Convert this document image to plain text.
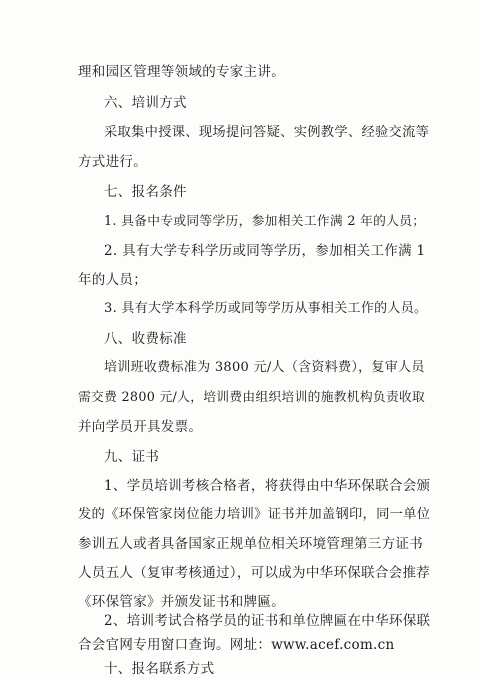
理和园区管理等领域的专家主讲。
六、培训方式
采取集中授课、现场提问答疑、实例教学、经验交流等
方式进行。
七、报名条件
1. 具备中专或同等学历，参加相关工作满 2 年的人员；
2. 具有大学专科学历或同等学历，参加相关工作满 1
年的人员；
3. 具有大学本科学历或同等学历从事相关工作的人员。
八、收费标准
培训班收费标准为 3800 元/人（含资料费），复审人员
需交费 2800 元/人，培训费由组织培训的施教机构负责收取
并向学员开具发票。
九、证书
1、学员培训考核合格者，将获得由中华环保联合会颁
发的《环保管家岗位能力培训》证书并加盖钢印，同一单位
参训五人或者具备国家正规单位相关环境管理第三方证书
人员五人（复审考核通过），可以成为中华环保联合会推荐
《环保管家》并颁发证书和牌匾。
2、培训考试合格学员的证书和单位牌匾在中华环保联
合会官网专用窗口查询。网址：www.acef.com.cn
十、报名联系方式
